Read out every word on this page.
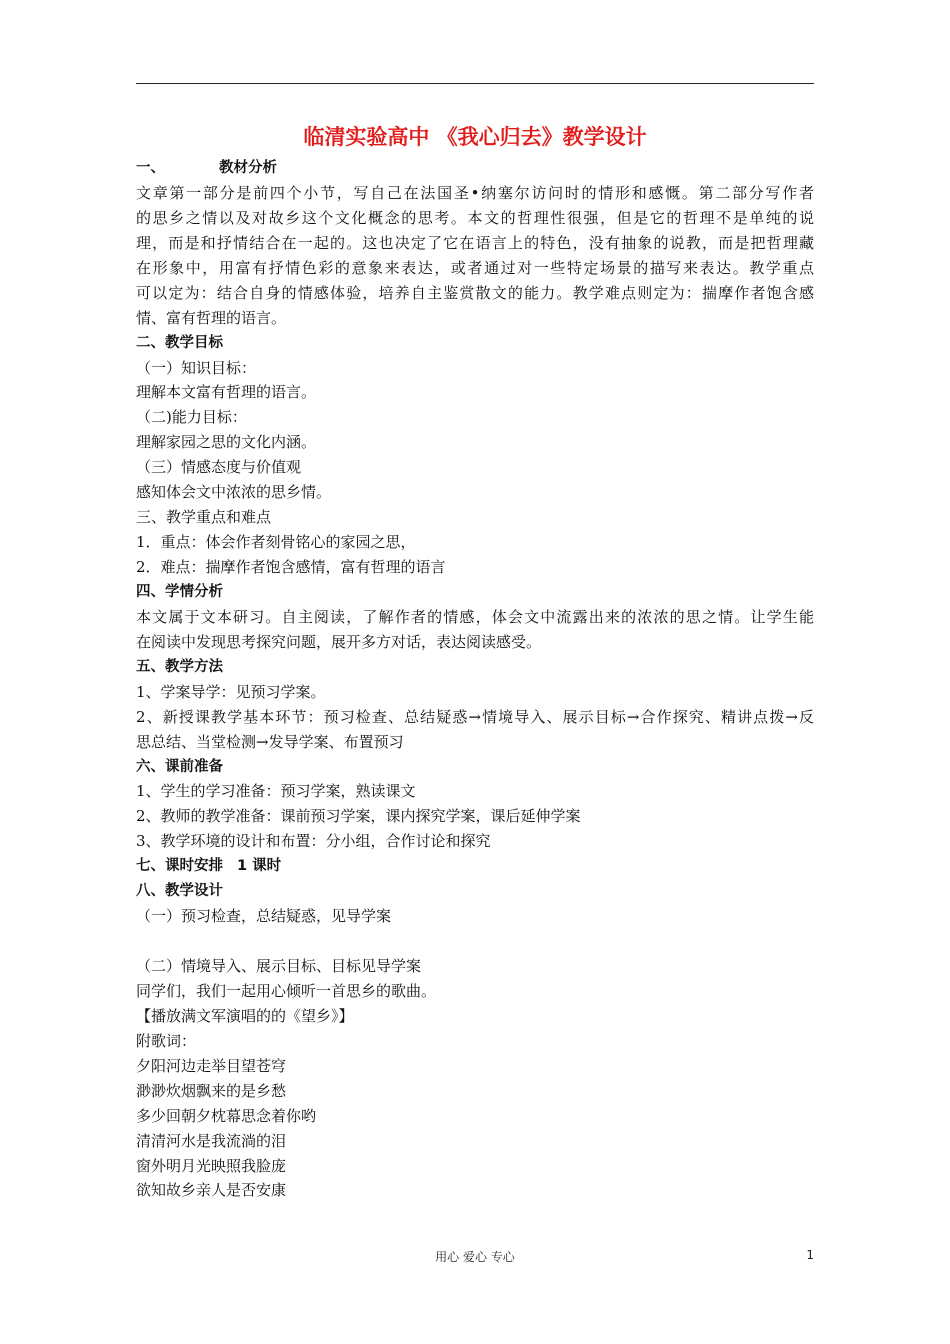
临清实验高中 《我心归去》教学设计
一、	教材分析
文章第一部分是前四个小节，写自己在法国圣•纳塞尔访问时的情形和感慨。第二部分写作者
的思乡之情以及对故乡这个文化概念的思考。本文的哲理性很强，但是它的哲理不是单纯的说
理，而是和抒情结合在一起的。这也决定了它在语言上的特色，没有抽象的说教，而是把哲理藏
在形象中，用富有抒情色彩的意象来表达，或者通过对一些特定场景的描写来表达。教学重点
可以定为：结合自身的情感体验，培养自主鉴赏散文的能力。教学难点则定为：揣摩作者饱含感
情、富有哲理的语言。
二、教学目标
（一）知识目标：
理解本文富有哲理的语言。
（二)能力目标：
理解家园之思的文化内涵。
（三）情感态度与价值观
感知体会文中浓浓的思乡情。
三、教学重点和难点
1．重点：体会作者刻骨铭心的家园之思，
2．难点：揣摩作者饱含感情，富有哲理的语言
四、学情分析
本文属于文本研习。自主阅读，了解作者的情感，体会文中流露出来的浓浓的思之情。让学生能
在阅读中发现思考探究问题，展开多方对话，表达阅读感受。
五、教学方法
1、学案导学：见预习学案。
2、新授课教学基本环节：预习检查、总结疑惑→情境导入、展示目标→合作探究、精讲点拨→反
思总结、当堂检测→发导学案、布置预习
六、课前准备
1、学生的学习准备：预习学案，熟读课文
2、教师的教学准备：课前预习学案，课内探究学案，课后延伸学案
3、教学环境的设计和布置：分小组，合作讨论和探究
七、课时安排 1 课时
八、教学设计
（一）预习检查，总结疑惑，见导学案
（二）情境导入、展示目标、目标见导学案
同学们，我们一起用心倾听一首思乡的歌曲。
【播放满文军演唱的的《望乡》】
附歌词：
夕阳河边走举目望苍穹
渺渺炊烟飘来的是乡愁
多少回朝夕枕幕思念着你哟
清清河水是我流淌的泪
窗外明月光映照我脸庞
欲知故乡亲人是否安康
用心 爱心 专心	1
